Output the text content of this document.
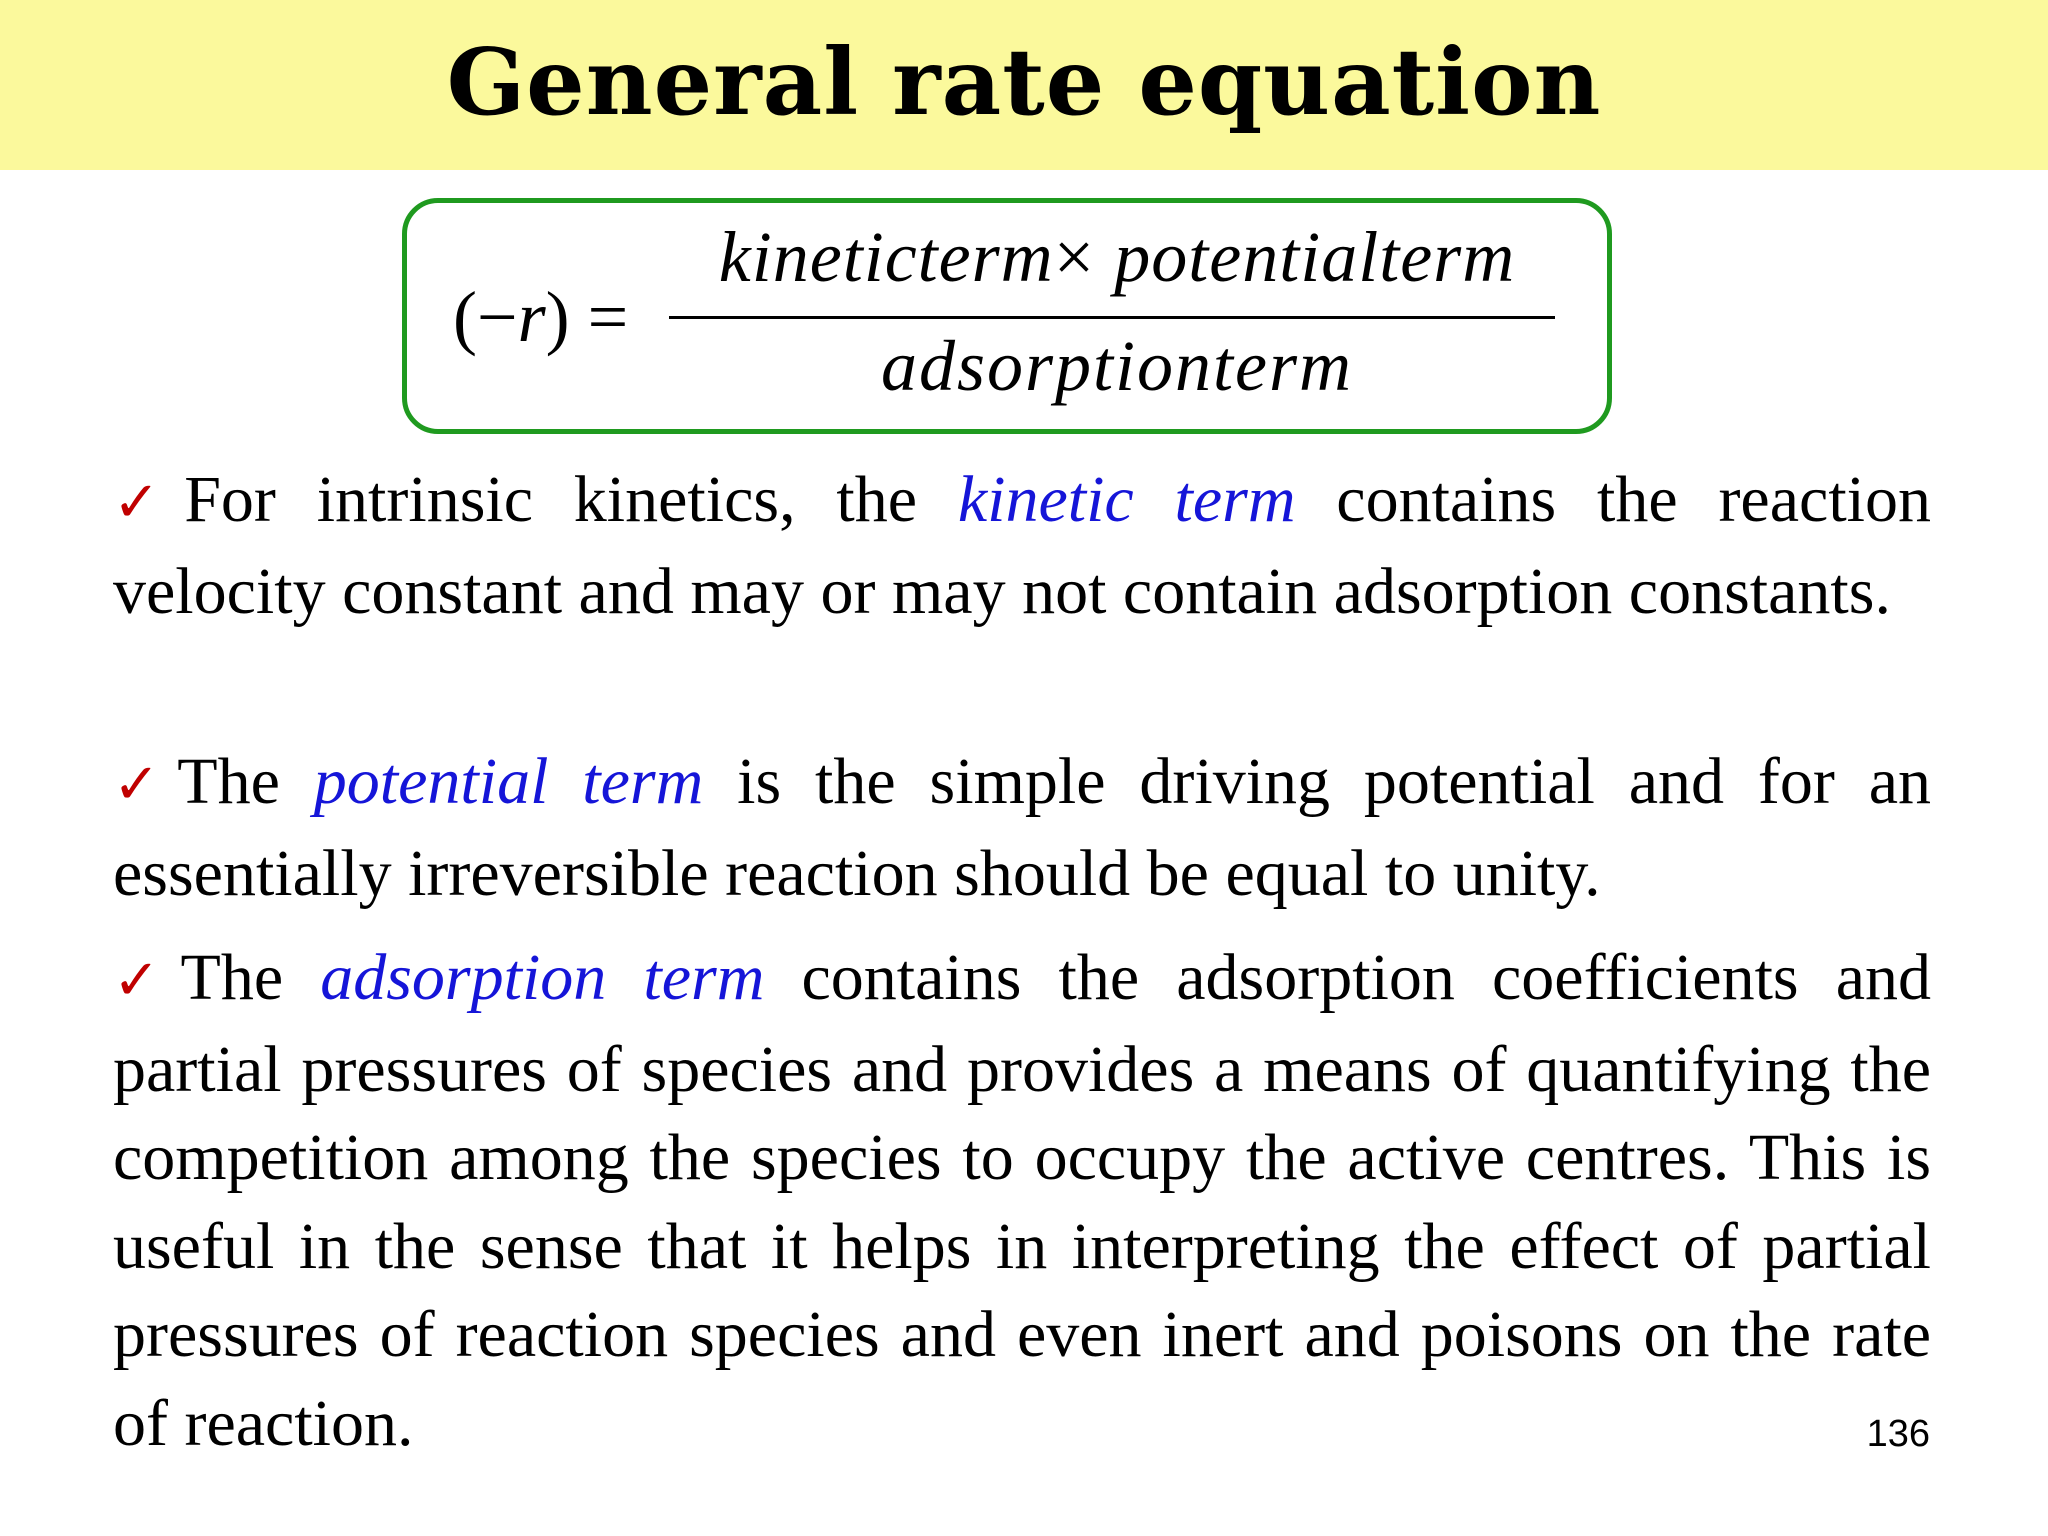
General rate equation
(−r) =
kineticterm× potentialterm
adsorptionterm
✓For intrinsic kinetics, the kinetic term contains the reaction velocity constant and may or may not contain adsorption constants.
✓The potential term is the simple driving potential and for an essentially irreversible reaction should be equal to unity.
✓The adsorption term contains the adsorption coefficients and partial pressures of species and provides a means of quantifying the competition among the species to occupy the active centres. This is useful in the sense that it helps in interpreting the effect of partial pressures of reaction species and even inert and poisons on the rate of reaction.	136
